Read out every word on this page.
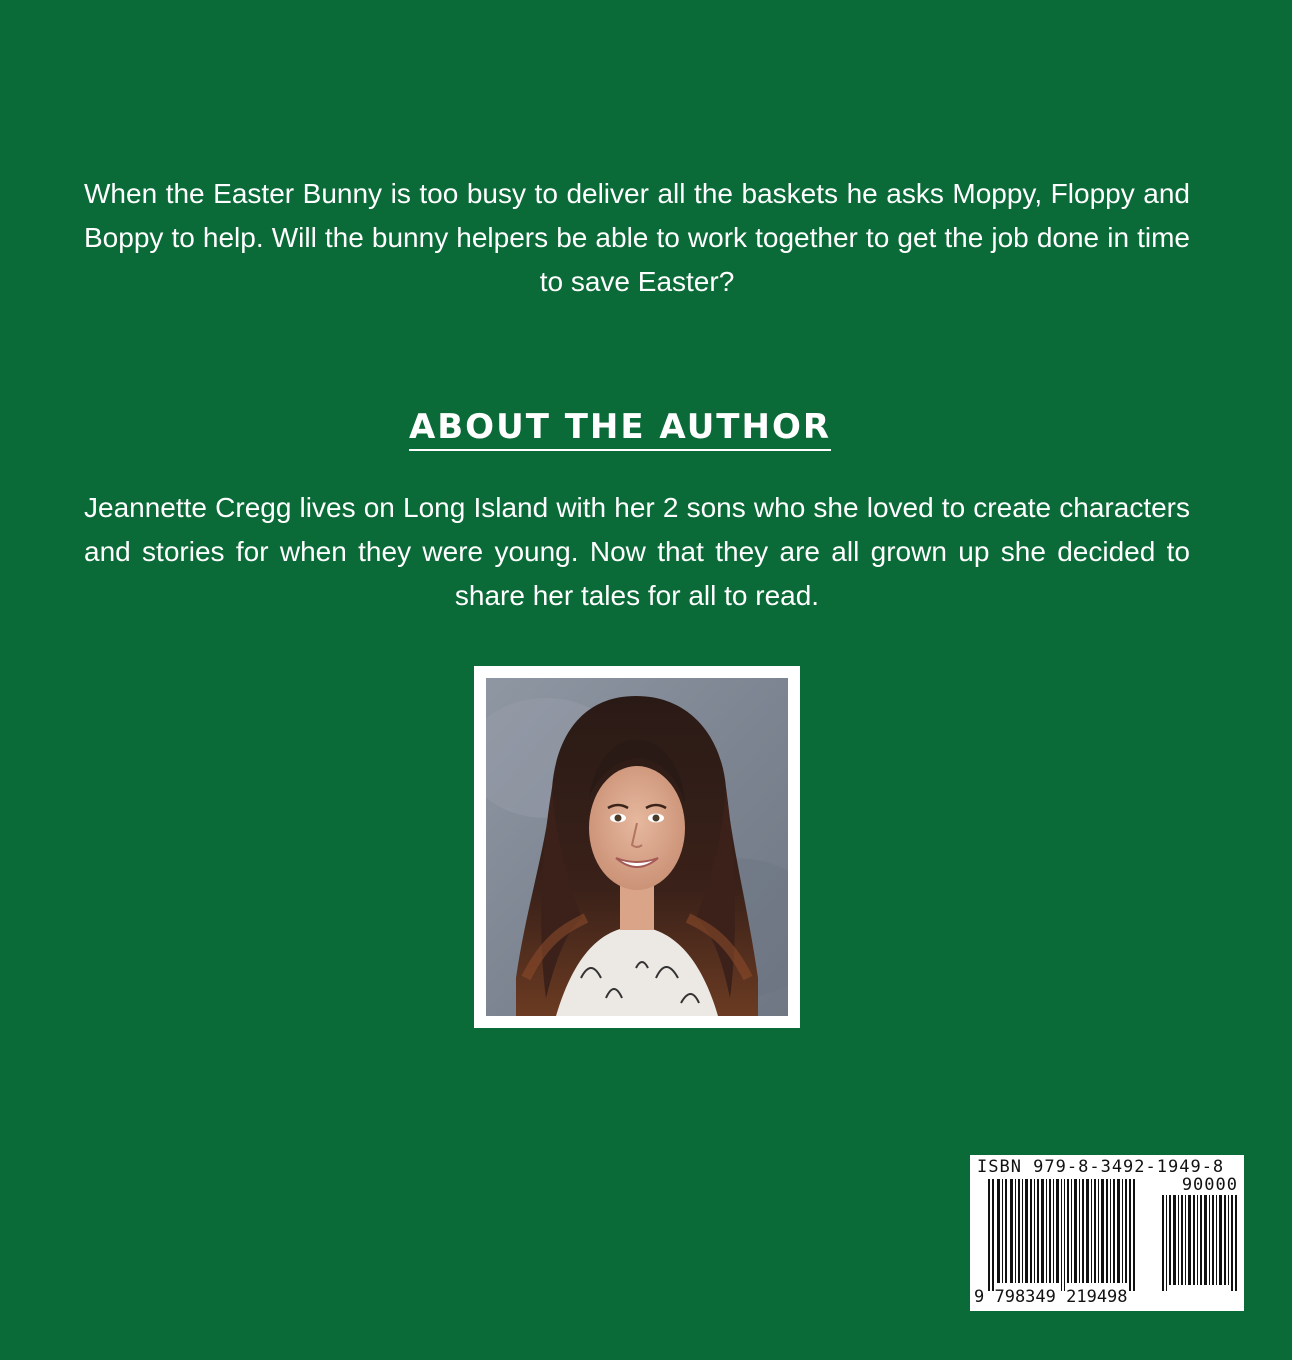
When the Easter Bunny is too busy to deliver all the baskets he asks Moppy, Floppy and Boppy to help. Will the bunny helpers be able to work together to get the job done in time to save Easter?

ABOUT THE AUTHOR

Jeannette Cregg lives on Long Island with her 2 sons who she loved to create characters and stories for when they were young. Now that they are all grown up she decided to share her tales for all to read.

ISBN 979-8-3492-1949-8
90000
9 798349 219498
